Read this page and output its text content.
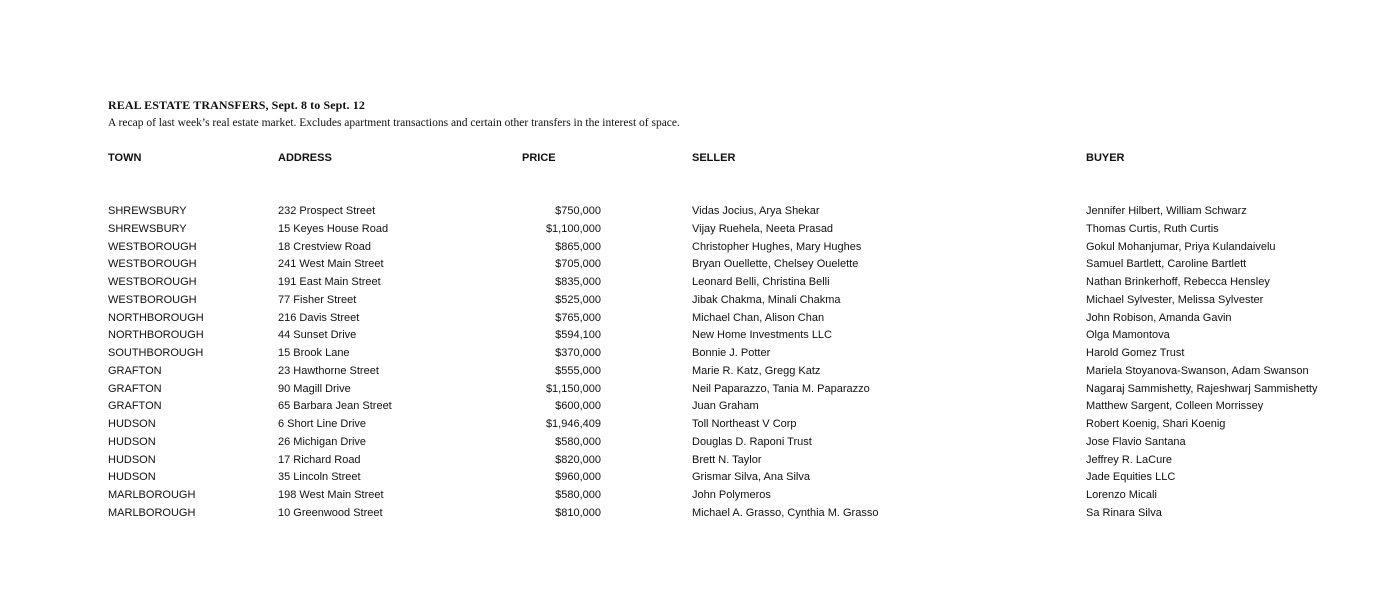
REAL ESTATE TRANSFERS, Sept. 8 to Sept. 12
A recap of last week’s real estate market. Excludes apartment transactions and certain other transfers in the interest of space.
TOWN	ADDRESS	PRICE	SELLER	BUYER
SHREWSBURY	232 Prospect Street	$750,000	Vidas Jocius, Arya Shekar	Jennifer Hilbert, William Schwarz
SHREWSBURY	15 Keyes House Road	$1,100,000	Vijay Ruehela, Neeta Prasad	Thomas Curtis, Ruth Curtis
WESTBOROUGH	18 Crestview Road	$865,000	Christopher Hughes, Mary Hughes	Gokul Mohanjumar, Priya Kulandaivelu
WESTBOROUGH	241 West Main Street	$705,000	Bryan Ouellette, Chelsey Ouelette	Samuel Bartlett, Caroline Bartlett
WESTBOROUGH	191 East Main Street	$835,000	Leonard Belli, Christina Belli	Nathan Brinkerhoff, Rebecca Hensley
WESTBOROUGH	77 Fisher Street	$525,000	Jibak Chakma, Minali Chakma	Michael Sylvester, Melissa Sylvester
NORTHBOROUGH	216 Davis Street	$765,000	Michael Chan, Alison Chan	John Robison, Amanda Gavin
NORTHBOROUGH	44 Sunset Drive	$594,100	New Home Investments LLC	Olga Mamontova
SOUTHBOROUGH	15 Brook Lane	$370,000	Bonnie J. Potter	Harold Gomez Trust
GRAFTON	23 Hawthorne Street	$555,000	Marie R. Katz, Gregg Katz	Mariela Stoyanova-Swanson, Adam Swanson
GRAFTON	90 Magill Drive	$1,150,000	Neil Paparazzo, Tania M. Paparazzo	Nagaraj Sammishetty, Rajeshwarj Sammishetty
GRAFTON	65 Barbara Jean Street	$600,000	Juan Graham	Matthew Sargent, Colleen Morrissey
HUDSON	6 Short Line Drive	$1,946,409	Toll Northeast V Corp	Robert Koenig, Shari Koenig
HUDSON	26 Michigan Drive	$580,000	Douglas D. Raponi Trust	Jose Flavio Santana
HUDSON	17 Richard Road	$820,000	Brett N. Taylor	Jeffrey R. LaCure
HUDSON	35 Lincoln Street	$960,000	Grismar Silva, Ana Silva	Jade Equities LLC
MARLBOROUGH	198 West Main Street	$580,000	John Polymeros	Lorenzo Micali
MARLBOROUGH	10 Greenwood Street	$810,000	Michael A. Grasso, Cynthia M. Grasso	Sa Rinara Silva
